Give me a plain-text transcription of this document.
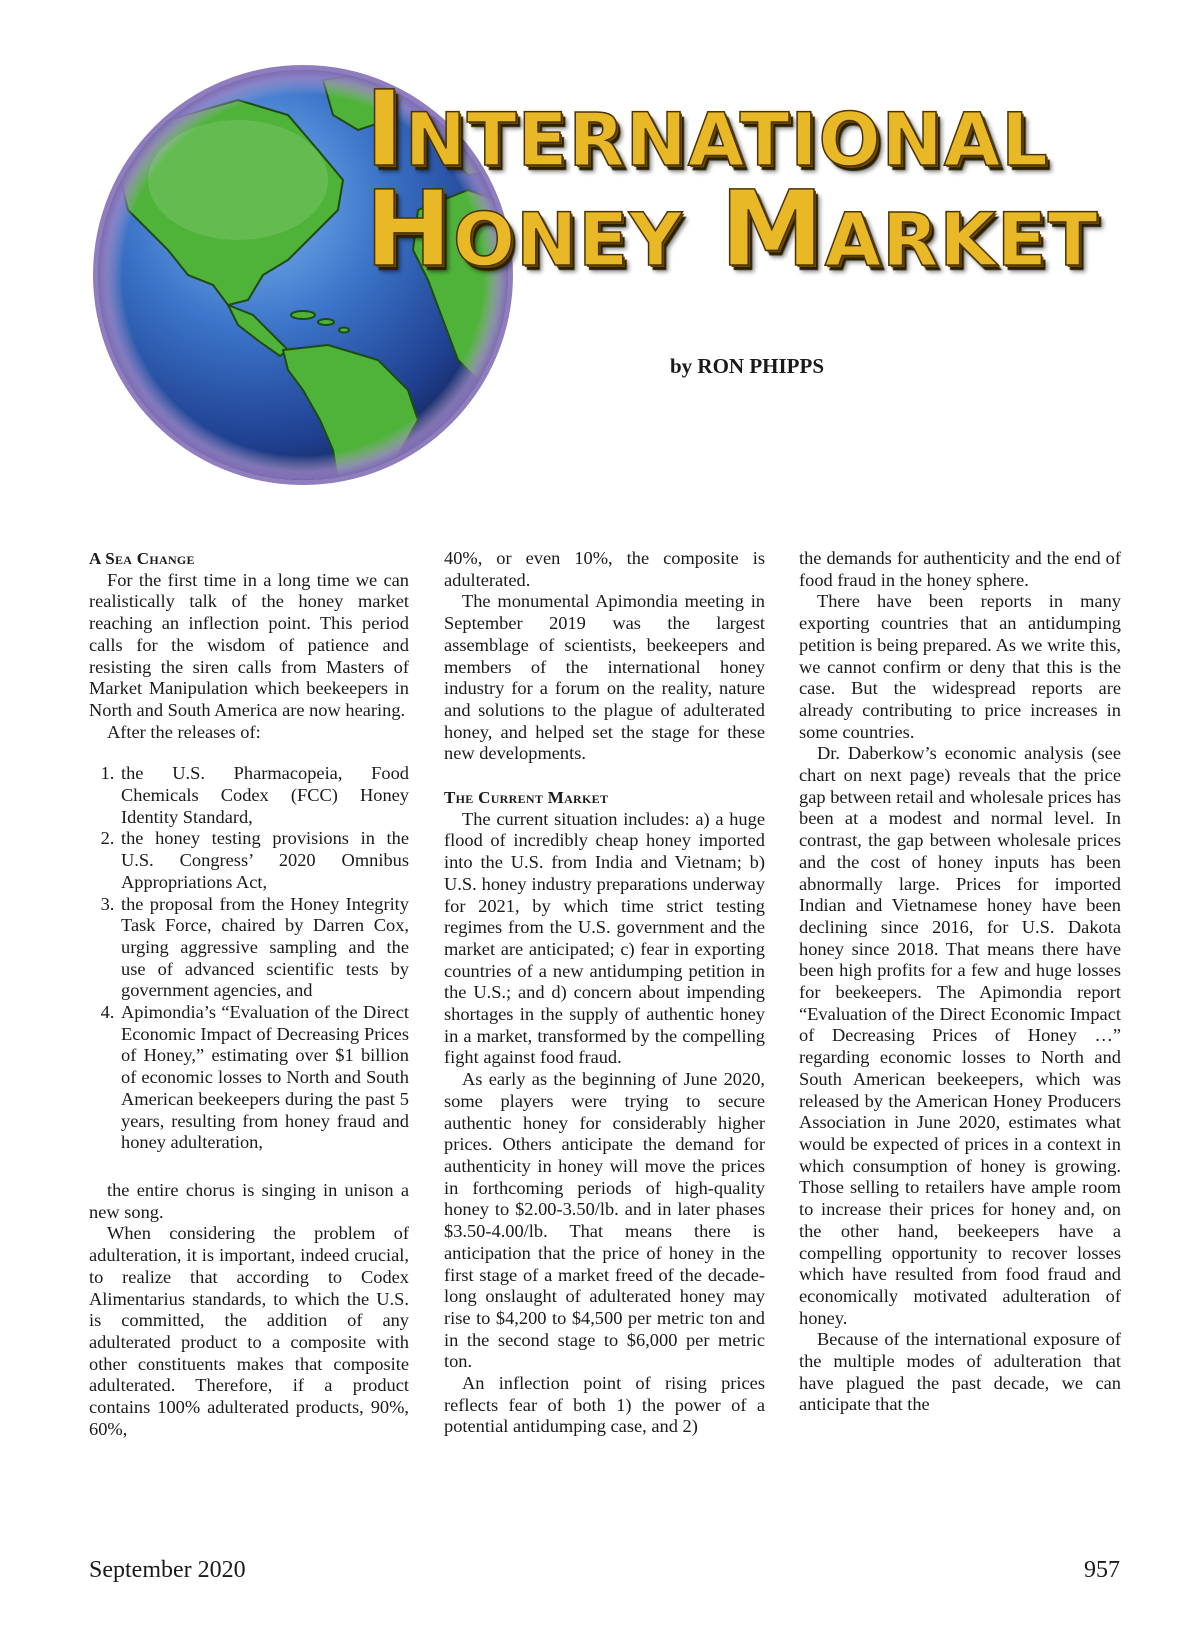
International
Honey Market
by RON PHIPPS

A Sea Change

For the first time in a long time we can realistically talk of the honey market reaching an inflection point. This period calls for the wisdom of patience and resisting the siren calls from Masters of Market Manipulation which beekeepers in North and South America are now hearing.

After the releases of:

1. the U.S. Pharmacopeia, Food Chemicals Codex (FCC) Honey Identity Standard,
2. the honey testing provisions in the U.S. Congress’ 2020 Omnibus Appropriations Act,
3. the proposal from the Honey Integrity Task Force, chaired by Darren Cox, urging aggressive sampling and the use of advanced scientific tests by government agencies, and
4. Apimondia’s “Evaluation of the Direct Economic Impact of Decreasing Prices of Honey,” estimating over $1 billion of economic losses to North and South American beekeepers during the past 5 years, resulting from honey fraud and honey adulteration,

the entire chorus is singing in unison a new song.

When considering the problem of adulteration, it is important, indeed crucial, to realize that according to Codex Alimentarius standards, to which the U.S. is committed, the addition of any adulterated product to a composite with other constituents makes that composite adulterated. Therefore, if a product contains 100% adulterated products, 90%, 60%,

40%, or even 10%, the composite is adulterated.

The monumental Apimondia meeting in September 2019 was the largest assemblage of scientists, beekeepers and members of the international honey industry for a forum on the reality, nature and solutions to the plague of adulterated honey, and helped set the stage for these new developments.

The Current Market

The current situation includes: a) a huge flood of incredibly cheap honey imported into the U.S. from India and Vietnam; b) U.S. honey industry preparations underway for 2021, by which time strict testing regimes from the U.S. government and the market are anticipated; c) fear in exporting countries of a new antidumping petition in the U.S.; and d) concern about impending shortages in the supply of authentic honey in a market, transformed by the compelling fight against food fraud.

As early as the beginning of June 2020, some players were trying to secure authentic honey for considerably higher prices. Others anticipate the demand for authenticity in honey will move the prices in forthcoming periods of high-quality honey to $2.00-3.50/lb. and in later phases $3.50-4.00/lb. That means there is anticipation that the price of honey in the first stage of a market freed of the decade-long onslaught of adulterated honey may rise to $4,200 to $4,500 per metric ton and in the second stage to $6,000 per metric ton.

An inflection point of rising prices reflects fear of both 1) the power of a potential antidumping case, and 2)

the demands for authenticity and the end of food fraud in the honey sphere.

There have been reports in many exporting countries that an antidumping petition is being prepared. As we write this, we cannot confirm or deny that this is the case. But the widespread reports are already contributing to price increases in some countries.

Dr. Daberkow’s economic analysis (see chart on next page) reveals that the price gap between retail and wholesale prices has been at a modest and normal level. In contrast, the gap between wholesale prices and the cost of honey inputs has been abnormally large. Prices for imported Indian and Vietnamese honey have been declining since 2016, for U.S. Dakota honey since 2018. That means there have been high profits for a few and huge losses for beekeepers. The Apimondia report “Evaluation of the Direct Economic Impact of Decreasing Prices of Honey …” regarding economic losses to North and South American beekeepers, which was released by the American Honey Producers Association in June 2020, estimates what would be expected of prices in a context in which consumption of honey is growing. Those selling to retailers have ample room to increase their prices for honey and, on the other hand, beekeepers have a compelling opportunity to recover losses which have resulted from food fraud and economically motivated adulteration of honey.

Because of the international exposure of the multiple modes of adulteration that have plagued the past decade, we can anticipate that the

September 2020	957
